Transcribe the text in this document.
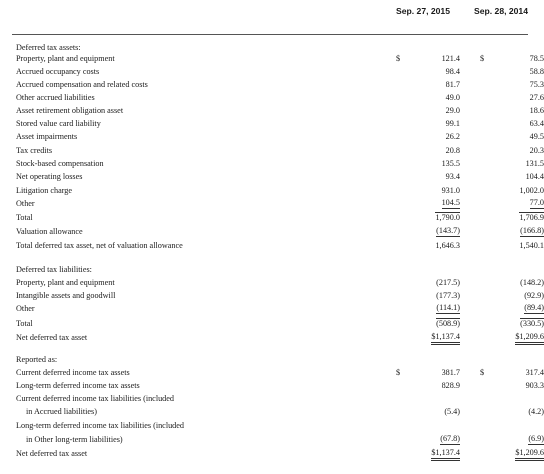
Sep. 27, 2015	Sep. 28, 2014
Deferred tax assets:
Property, plant and equipment	$	121.4 $	78.5
Accrued occupancy costs	98.4	58.8
Accrued compensation and related costs	81.7	75.3
Other accrued liabilities	49.0	27.6
Asset retirement obligation asset	29.0	18.6
Stored value card liability	99.1	63.4
Asset impairments	26.2	49.5
Tax credits	20.8	20.3
Stock-based compensation	135.5	131.5
Net operating losses	93.4	104.4
Litigation charge	931.0	1,002.0
Other	104.5	77.0
Total	1,790.0	1,706.9
Valuation allowance	(143.7)	(166.8)
Total deferred tax asset, net of valuation allowance	1,646.3	1,540.1
Deferred tax liabilities:
Property, plant and equipment	(217.5)	(148.2)
Intangible assets and goodwill	(177.3)	(92.9)
Other	(114.1)	(89.4)
Total	(508.9)	(330.5)
Net deferred tax asset	$1,137.4	$1,209.6
Reported as:
Current deferred income tax assets	$	381.7 $	317.4
Long-term deferred income tax assets	828.9	903.3
Current deferred income tax liabilities (included
in Accrued liabilities)	(5.4)	(4.2)
Long-term deferred income tax liabilities (included
in Other long-term liabilities)	(67.8)	(6.9)
Net deferred tax asset	$1,137.4	$1,209.6
